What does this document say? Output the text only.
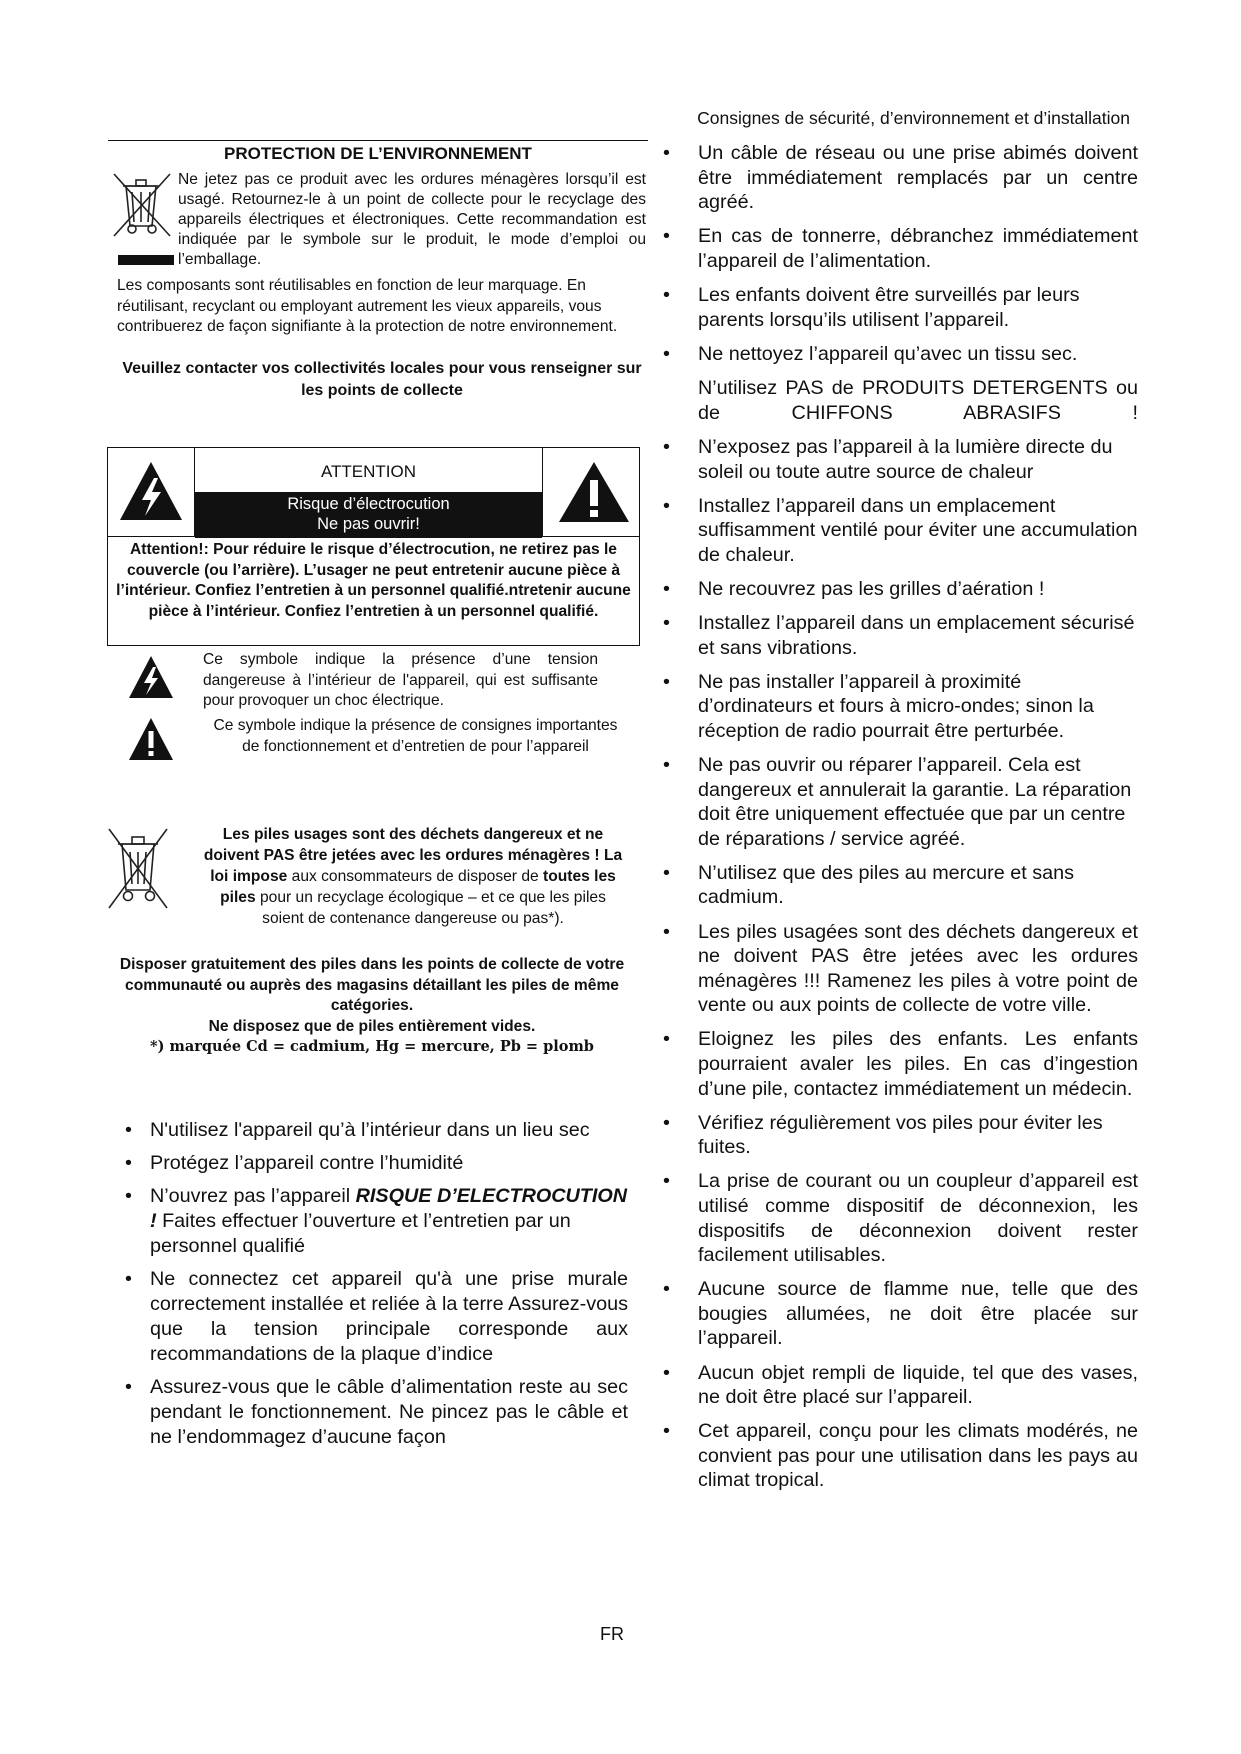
Consignes de sécurité, d’environnement et d’installation
PROTECTION DE L’ENVIRONNEMENT
Ne jetez pas ce produit avec les ordures ménagères lorsqu’il est usagé. Retournez-le à un point de collecte pour le recyclage des appareils électriques et électroniques. Cette recommandation est indiquée par le symbole sur le produit, le mode d’emploi ou l’emballage.
Les composants sont réutilisables en fonction de leur marquage. En réutilisant, recyclant ou employant autrement les vieux appareils, vous contribuerez de façon signifiante à la protection de notre environnement.
Veuillez contacter vos collectivités locales pour vous renseigner sur les points de collecte
ATTENTION
Risque d’électrocution
Ne pas ouvrir!
Attention!: Pour réduire le risque d’électrocution, ne retirez pas le couvercle (ou l’arrière). L’usager ne peut entretenir aucune pièce à l’intérieur. Confiez l’entretien à un personnel qualifié.ntretenir aucune pièce à l’intérieur. Confiez l’entretien à un personnel qualifié.
Ce symbole indique la présence d’une tension dangereuse à l’intérieur de l'appareil, qui est suffisante pour provoquer un choc électrique.
Ce symbole indique la présence de consignes importantes de fonctionnement et d’entretien de pour l’appareil
Les piles usages sont des déchets dangereux et ne doivent PAS être jetées avec les ordures ménagères ! La loi impose aux consommateurs de disposer de toutes les piles pour un recyclage écologique – et ce que les piles soient de contenance dangereuse ou pas*).
Disposer gratuitement des piles dans les points de collecte de votre communauté ou auprès des magasins détaillant les piles de même catégories.
Ne disposez que de piles entièrement vides.
*) marquée Cd = cadmium, Hg = mercure, Pb = plomb
• N'utilisez l'appareil qu’à l’intérieur dans un lieu sec
• Protégez l’appareil contre l’humidité
• N’ouvrez pas l’appareil RISQUE D’ELECTROCUTION ! Faites effectuer l’ouverture et l’entretien par un personnel qualifié
• Ne connectez cet appareil qu'à une prise murale correctement installée et reliée à la terre Assurez-vous que la tension principale corresponde aux recommandations de la plaque d’indice
• Assurez-vous que le câble d’alimentation reste au sec pendant le fonctionnement. Ne pincez pas le câble et ne l’endommagez d’aucune façon
• Un câble de réseau ou une prise abimés doivent être immédiatement remplacés par un centre agréé.
• En cas de tonnerre, débranchez immédiatement l’appareil de l’alimentation.
• Les enfants doivent être surveillés par leurs parents lorsqu’ils utilisent l’appareil.
• Ne nettoyez l’appareil qu’avec un tissu sec.
N’utilisez PAS de PRODUITS DETERGENTS ou de CHIFFONS ABRASIFS !
• N’exposez pas l’appareil à la lumière directe du soleil ou toute autre source de chaleur
• Installez l’appareil dans un emplacement suffisamment ventilé pour éviter une accumulation de chaleur.
• Ne recouvrez pas les grilles d’aération !
• Installez l’appareil dans un emplacement sécurisé et sans vibrations.
• Ne pas installer l’appareil à proximité d’ordinateurs et fours à micro-ondes; sinon la réception de radio pourrait être perturbée.
• Ne pas ouvrir ou réparer l’appareil. Cela est dangereux et annulerait la garantie. La réparation doit être uniquement effectuée que par un centre de réparations / service agréé.
• N’utilisez que des piles au mercure et sans cadmium.
• Les piles usagées sont des déchets dangereux et ne doivent PAS être jetées avec les ordures ménagères !!! Ramenez les piles à votre point de vente ou aux points de collecte de votre ville.
• Eloignez les piles des enfants. Les enfants pourraient avaler les piles. En cas d’ingestion d’une pile, contactez immédiatement un médecin.
• Vérifiez régulièrement vos piles pour éviter les fuites.
• La prise de courant ou un coupleur d’appareil est utilisé comme dispositif de déconnexion, les dispositifs de déconnexion doivent rester facilement utilisables.
• Aucune source de flamme nue, telle que des bougies allumées, ne doit être placée sur l’appareil.
• Aucun objet rempli de liquide, tel que des vases, ne doit être placé sur l’appareil.
• Cet appareil, conçu pour les climats modérés, ne convient pas pour une utilisation dans les pays au climat tropical.
FR
